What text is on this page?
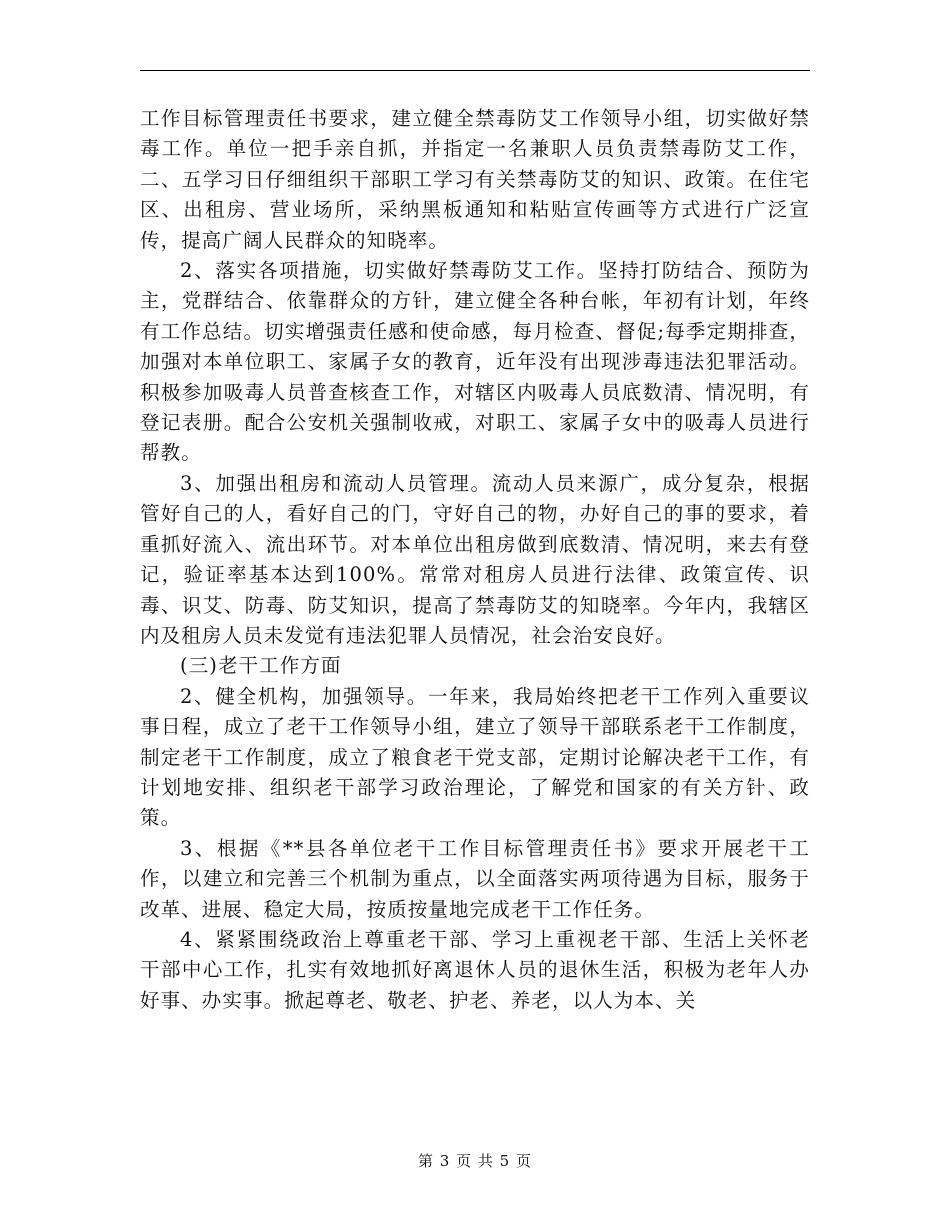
工作目标管理责任书要求，建立健全禁毒防艾工作领导小组，切实做好禁毒工作。单位一把手亲自抓，并指定一名兼职人员负责禁毒防艾工作，二、五学习日仔细组织干部职工学习有关禁毒防艾的知识、政策。在住宅区、出租房、营业场所，采纳黑板通知和粘贴宣传画等方式进行广泛宣传，提高广阔人民群众的知晓率。

2、落实各项措施，切实做好禁毒防艾工作。坚持打防结合、预防为主，党群结合、依靠群众的方针，建立健全各种台帐，年初有计划，年终有工作总结。切实增强责任感和使命感，每月检查、督促;每季定期排查，加强对本单位职工、家属子女的教育，近年没有出现涉毒违法犯罪活动。积极参加吸毒人员普查核查工作，对辖区内吸毒人员底数清、情况明，有登记表册。配合公安机关强制收戒，对职工、家属子女中的吸毒人员进行帮教。

3、加强出租房和流动人员管理。流动人员来源广，成分复杂，根据管好自己的人，看好自己的门，守好自己的物，办好自己的事的要求，着重抓好流入、流出环节。对本单位出租房做到底数清、情况明，来去有登记，验证率基本达到100%。常常对租房人员进行法律、政策宣传、识毒、识艾、防毒、防艾知识，提高了禁毒防艾的知晓率。今年内，我辖区内及租房人员未发觉有违法犯罪人员情况，社会治安良好。

(三)老干工作方面

2、健全机构，加强领导。一年来，我局始终把老干工作列入重要议事日程，成立了老干工作领导小组，建立了领导干部联系老干工作制度，制定老干工作制度，成立了粮食老干党支部，定期讨论解决老干工作，有计划地安排、组织老干部学习政治理论，了解党和国家的有关方针、政策。

3、根据《**县各单位老干工作目标管理责任书》要求开展老干工作，以建立和完善三个机制为重点，以全面落实两项待遇为目标，服务于改革、进展、稳定大局，按质按量地完成老干工作任务。

4、紧紧围绕政治上尊重老干部、学习上重视老干部、生活上关怀老干部中心工作，扎实有效地抓好离退休人员的退休生活，积极为老年人办好事、办实事。掀起尊老、敬老、护老、养老，以人为本、关

第 3 页 共 5 页
